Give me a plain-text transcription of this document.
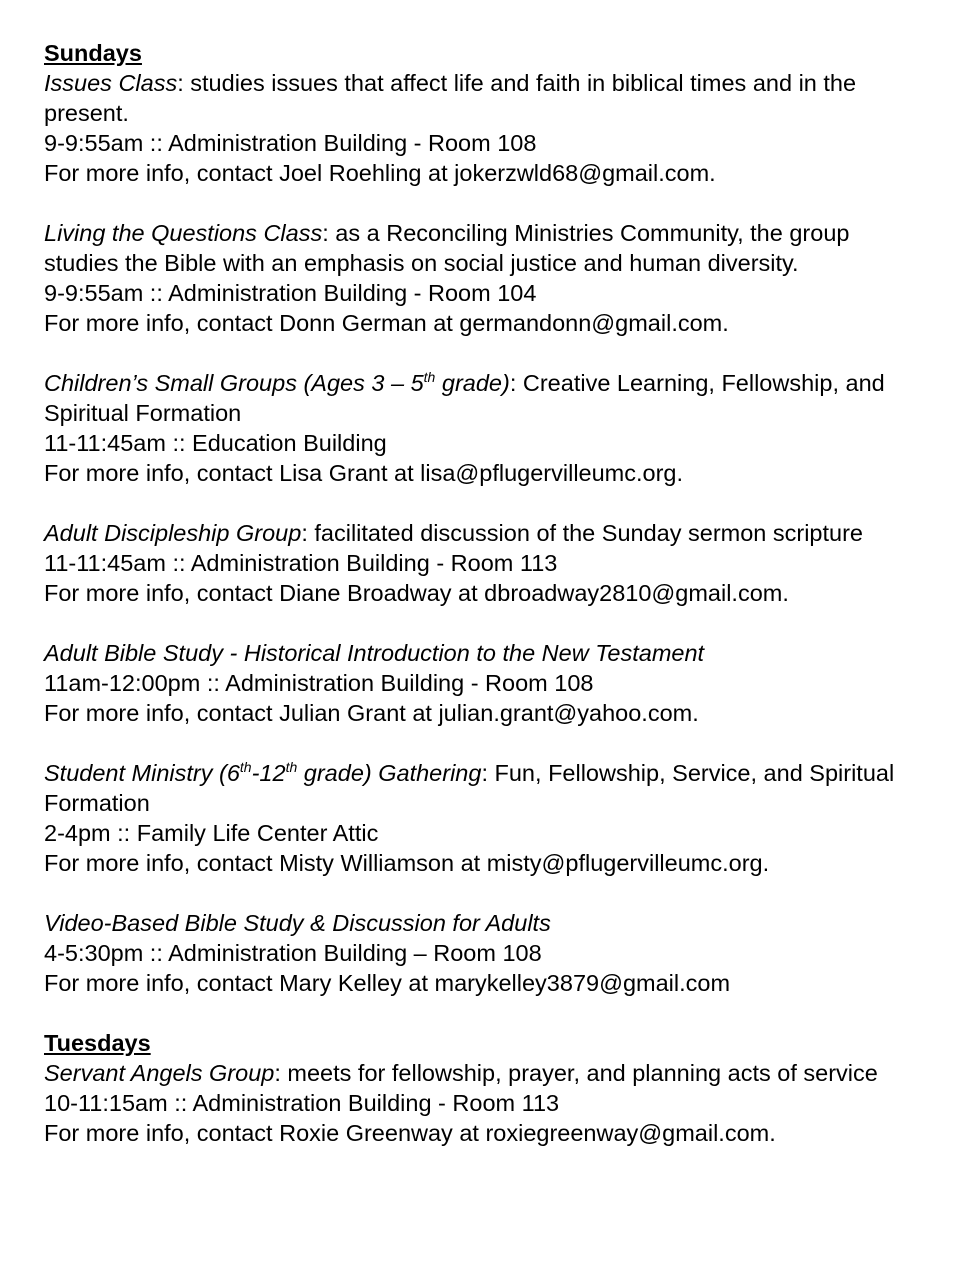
Sundays

Issues Class: studies issues that affect life and faith in biblical times and in the present.

9-9:55am :: Administration Building - Room 108

For more info, contact Joel Roehling at jokerzwld68@gmail.com.

Living the Questions Class: as a Reconciling Ministries Community, the group studies the Bible with an emphasis on social justice and human diversity.

9-9:55am :: Administration Building - Room 104

For more info, contact Donn German at germandonn@gmail.com.

Children’s Small Groups (Ages 3 – 5th grade): Creative Learning, Fellowship, and Spiritual Formation

11-11:45am :: Education Building

For more info, contact Lisa Grant at lisa@pflugervilleumc.org.

Adult Discipleship Group: facilitated discussion of the Sunday sermon scripture

11-11:45am :: Administration Building - Room 113

For more info, contact Diane Broadway at dbroadway2810@gmail.com.

Adult Bible Study - Historical Introduction to the New Testament

11am-12:00pm :: Administration Building - Room 108

For more info, contact Julian Grant at julian.grant@yahoo.com.

Student Ministry (6th-12th grade) Gathering: Fun, Fellowship, Service, and Spiritual Formation

2-4pm :: Family Life Center Attic

For more info, contact Misty Williamson at misty@pflugervilleumc.org.

Video-Based Bible Study & Discussion for Adults

4-5:30pm :: Administration Building – Room 108

For more info, contact Mary Kelley at marykelley3879@gmail.com

Tuesdays

Servant Angels Group: meets for fellowship, prayer, and planning acts of service

10-11:15am :: Administration Building - Room 113

For more info, contact Roxie Greenway at roxiegreenway@gmail.com.
